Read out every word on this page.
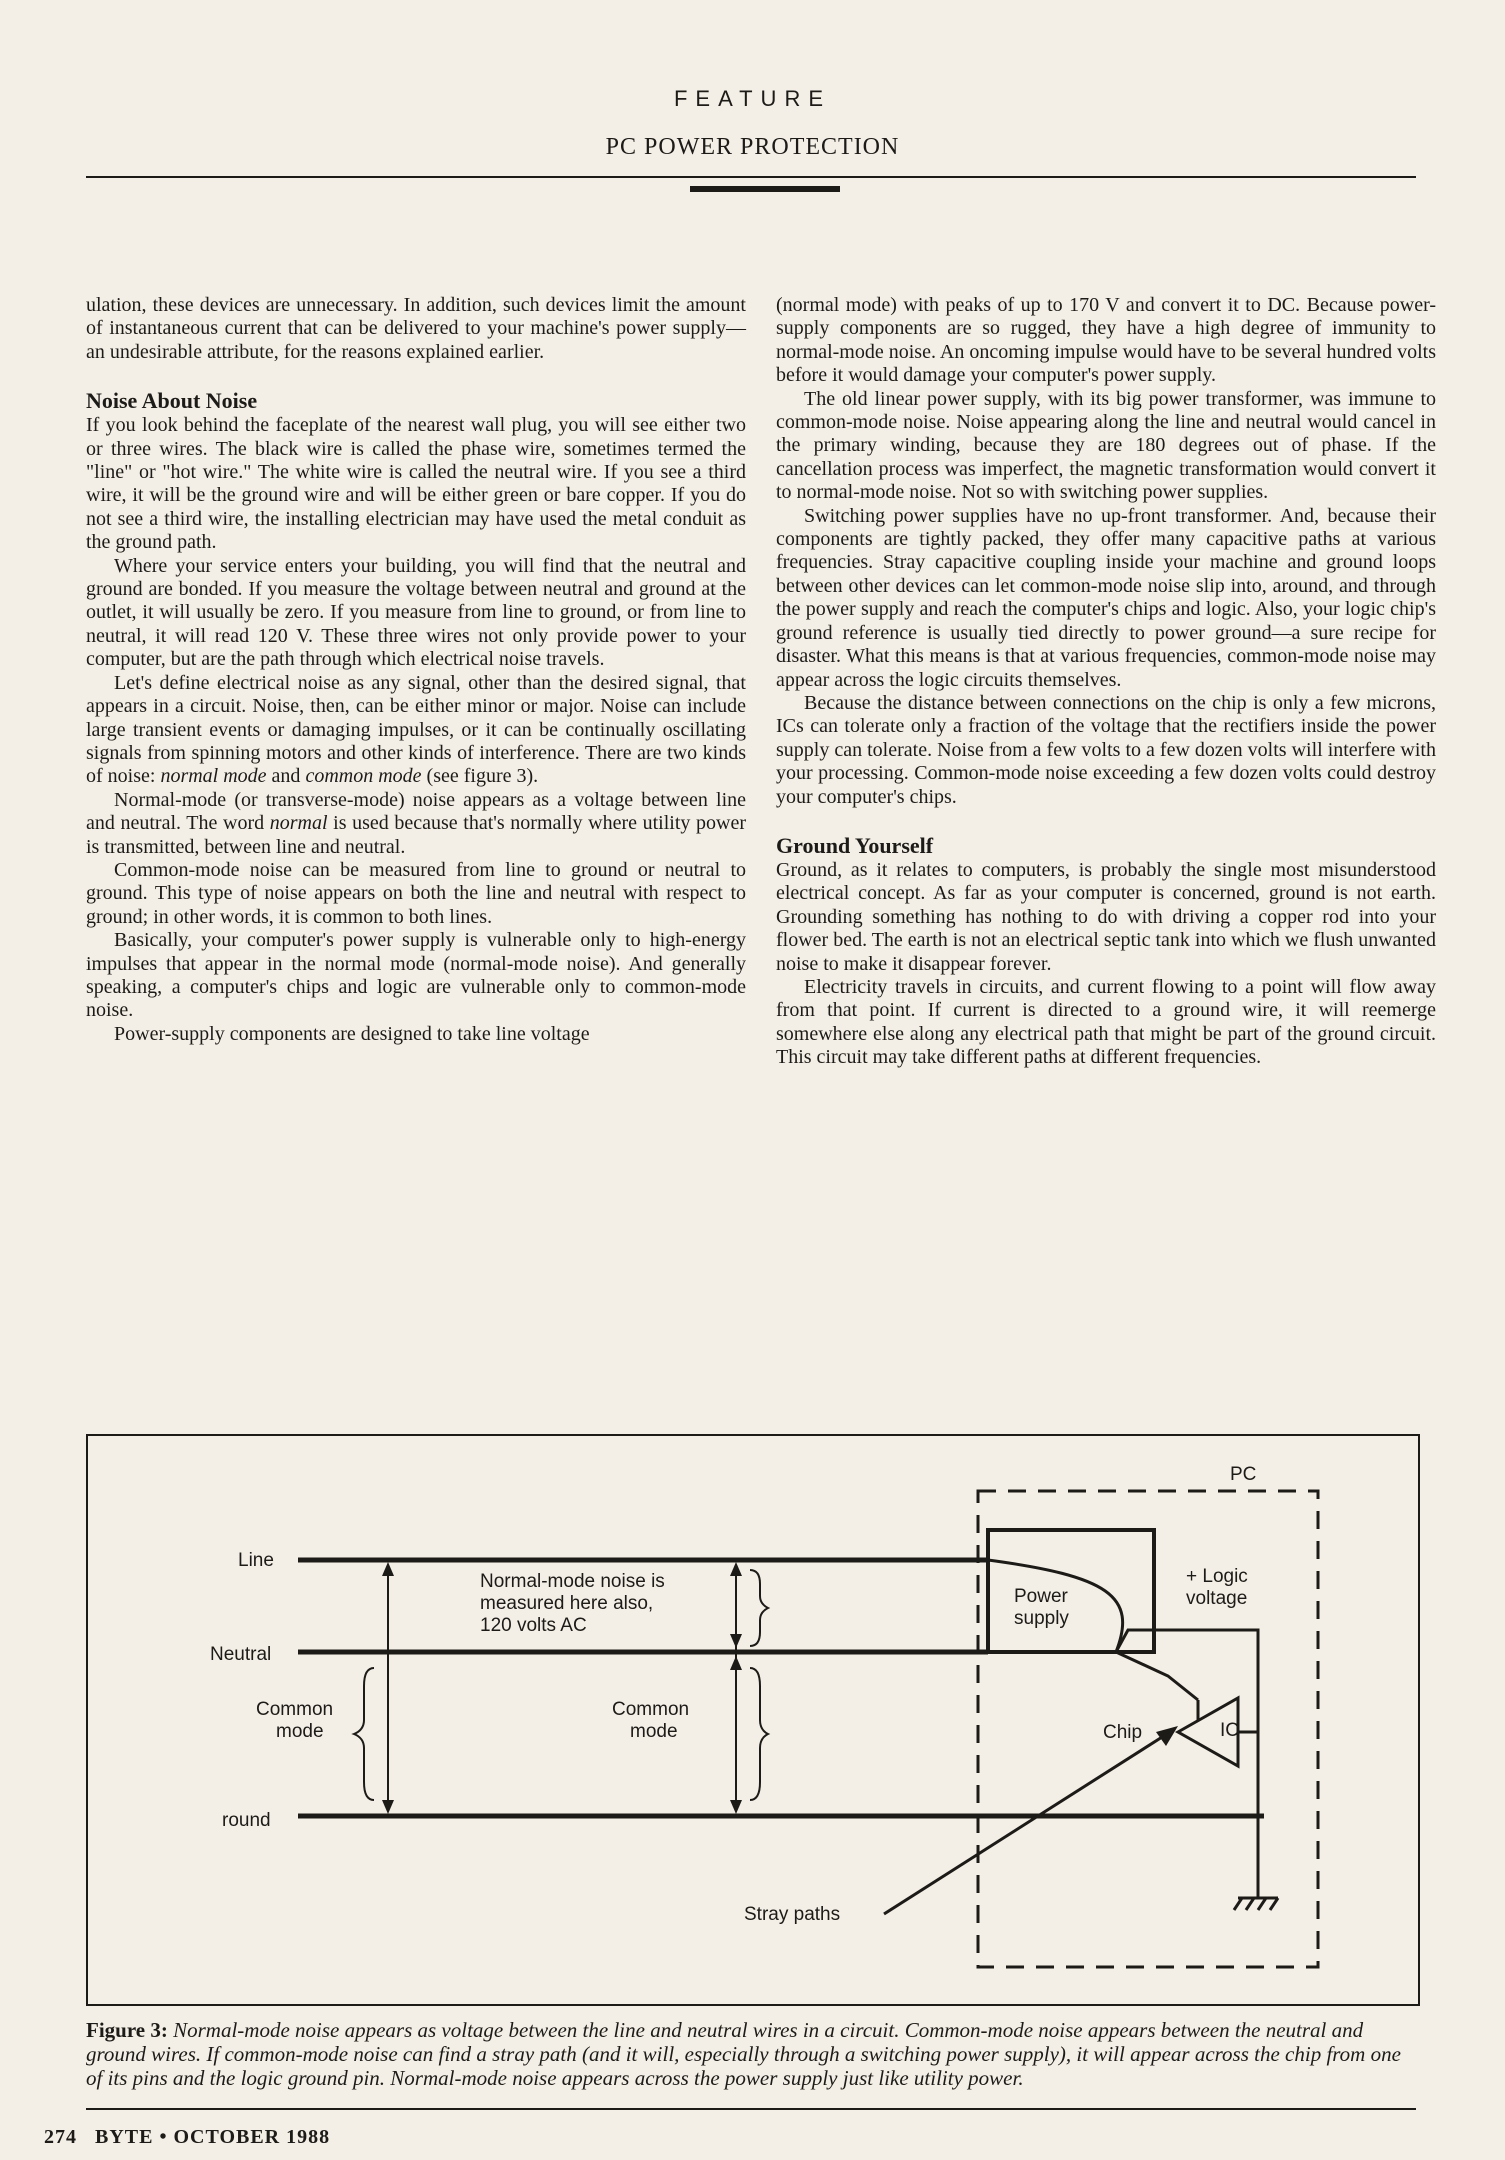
FEATURE
PC POWER PROTECTION

ulation, these devices are unnecessary. In addition, such devices limit the amount of instantaneous current that can be delivered to your machine's power supply—an undesirable attribute, for the reasons explained earlier.

Noise About Noise

If you look behind the faceplate of the nearest wall plug, you will see either two or three wires. The black wire is called the phase wire, sometimes termed the "line" or "hot wire." The white wire is called the neutral wire. If you see a third wire, it will be the ground wire and will be either green or bare copper. If you do not see a third wire, the installing electrician may have used the metal conduit as the ground path.

Where your service enters your building, you will find that the neutral and ground are bonded. If you measure the voltage between neutral and ground at the outlet, it will usually be zero. If you measure from line to ground, or from line to neutral, it will read 120 V. These three wires not only provide power to your computer, but are the path through which electrical noise travels.

Let's define electrical noise as any signal, other than the desired signal, that appears in a circuit. Noise, then, can be either minor or major. Noise can include large transient events or damaging impulses, or it can be continually oscillating signals from spinning motors and other kinds of interference. There are two kinds of noise: normal mode and common mode (see figure 3).

Normal-mode (or transverse-mode) noise appears as a voltage between line and neutral. The word normal is used because that's normally where utility power is transmitted, between line and neutral.

Common-mode noise can be measured from line to ground or neutral to ground. This type of noise appears on both the line and neutral with respect to ground; in other words, it is common to both lines.

Basically, your computer's power supply is vulnerable only to high-energy impulses that appear in the normal mode (normal-mode noise). And generally speaking, a computer's chips and logic are vulnerable only to common-mode noise.

Power-supply components are designed to take line voltage

(normal mode) with peaks of up to 170 V and convert it to DC. Because power-supply components are so rugged, they have a high degree of immunity to normal-mode noise. An oncoming impulse would have to be several hundred volts before it would damage your computer's power supply.

The old linear power supply, with its big power transformer, was immune to common-mode noise. Noise appearing along the line and neutral would cancel in the primary winding, because they are 180 degrees out of phase. If the cancellation process was imperfect, the magnetic transformation would convert it to normal-mode noise. Not so with switching power supplies.

Switching power supplies have no up-front transformer. And, because their components are tightly packed, they offer many capacitive paths at various frequencies. Stray capacitive coupling inside your machine and ground loops between other devices can let common-mode noise slip into, around, and through the power supply and reach the computer's chips and logic. Also, your logic chip's ground reference is usually tied directly to power ground—a sure recipe for disaster. What this means is that at various frequencies, common-mode noise may appear across the logic circuits themselves.

Because the distance between connections on the chip is only a few microns, ICs can tolerate only a fraction of the voltage that the rectifiers inside the power supply can tolerate. Noise from a few volts to a few dozen volts will interfere with your processing. Common-mode noise exceeding a few dozen volts could destroy your computer's chips.

Ground Yourself

Ground, as it relates to computers, is probably the single most misunderstood electrical concept. As far as your computer is concerned, ground is not earth. Grounding something has nothing to do with driving a copper rod into your flower bed. The earth is not an electrical septic tank into which we flush unwanted noise to make it disappear forever.

Electricity travels in circuits, and current flowing to a point will flow away from that point. If current is directed to a ground wire, it will reemerge somewhere else along any electrical path that might be part of the ground circuit. This circuit may take different paths at different frequencies.

PC
Line
Neutral
round
Normal-mode noise is
measured here also,
120 volts AC
Common
mode
Common
mode
Power
supply
+ Logic
voltage
Chip	IC
Stray paths
Figure 3: Normal-mode noise appears as voltage between the line and neutral wires in a circuit. Common-mode noise appears between the neutral and ground wires. If common-mode noise can find a stray path (and it will, especially through a switching power supply), it will appear across the chip from one of its pins and the logic ground pin. Normal-mode noise appears across the power supply just like utility power.
274 BYTE • OCTOBER 1988
